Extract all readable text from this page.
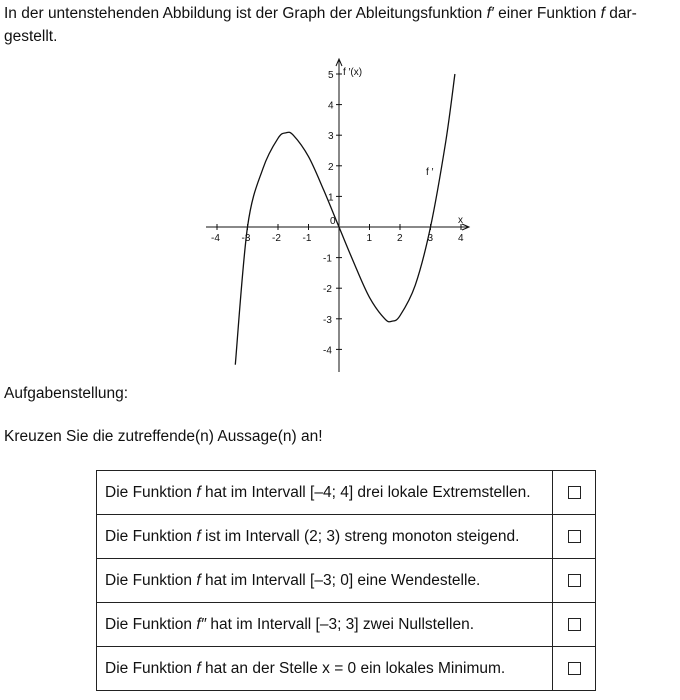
In der untenstehenden Abbildung ist der Graph der Ableitungsfunktion f′ einer Funktion f dar-
gestellt.

-4 -3 -2 -1	1 2 3 4
-4
-3
-2
-1
1
2
3
4
5
0	x
f ′(x)
f ′
Aufgabenstellung:

Kreuzen Sie die zutreffende(n) Aussage(n) an!

Die Funktion f hat im Intervall [–4; 4] drei lokale Extremstellen.	
Die Funktion f ist im Intervall (2; 3) streng monoton steigend.	
Die Funktion f hat im Intervall [–3; 0] eine Wendestelle.	
Die Funktion f″ hat im Intervall [–3; 3] zwei Nullstellen.	
Die Funktion f hat an der Stelle x = 0 ein lokales Minimum.	
